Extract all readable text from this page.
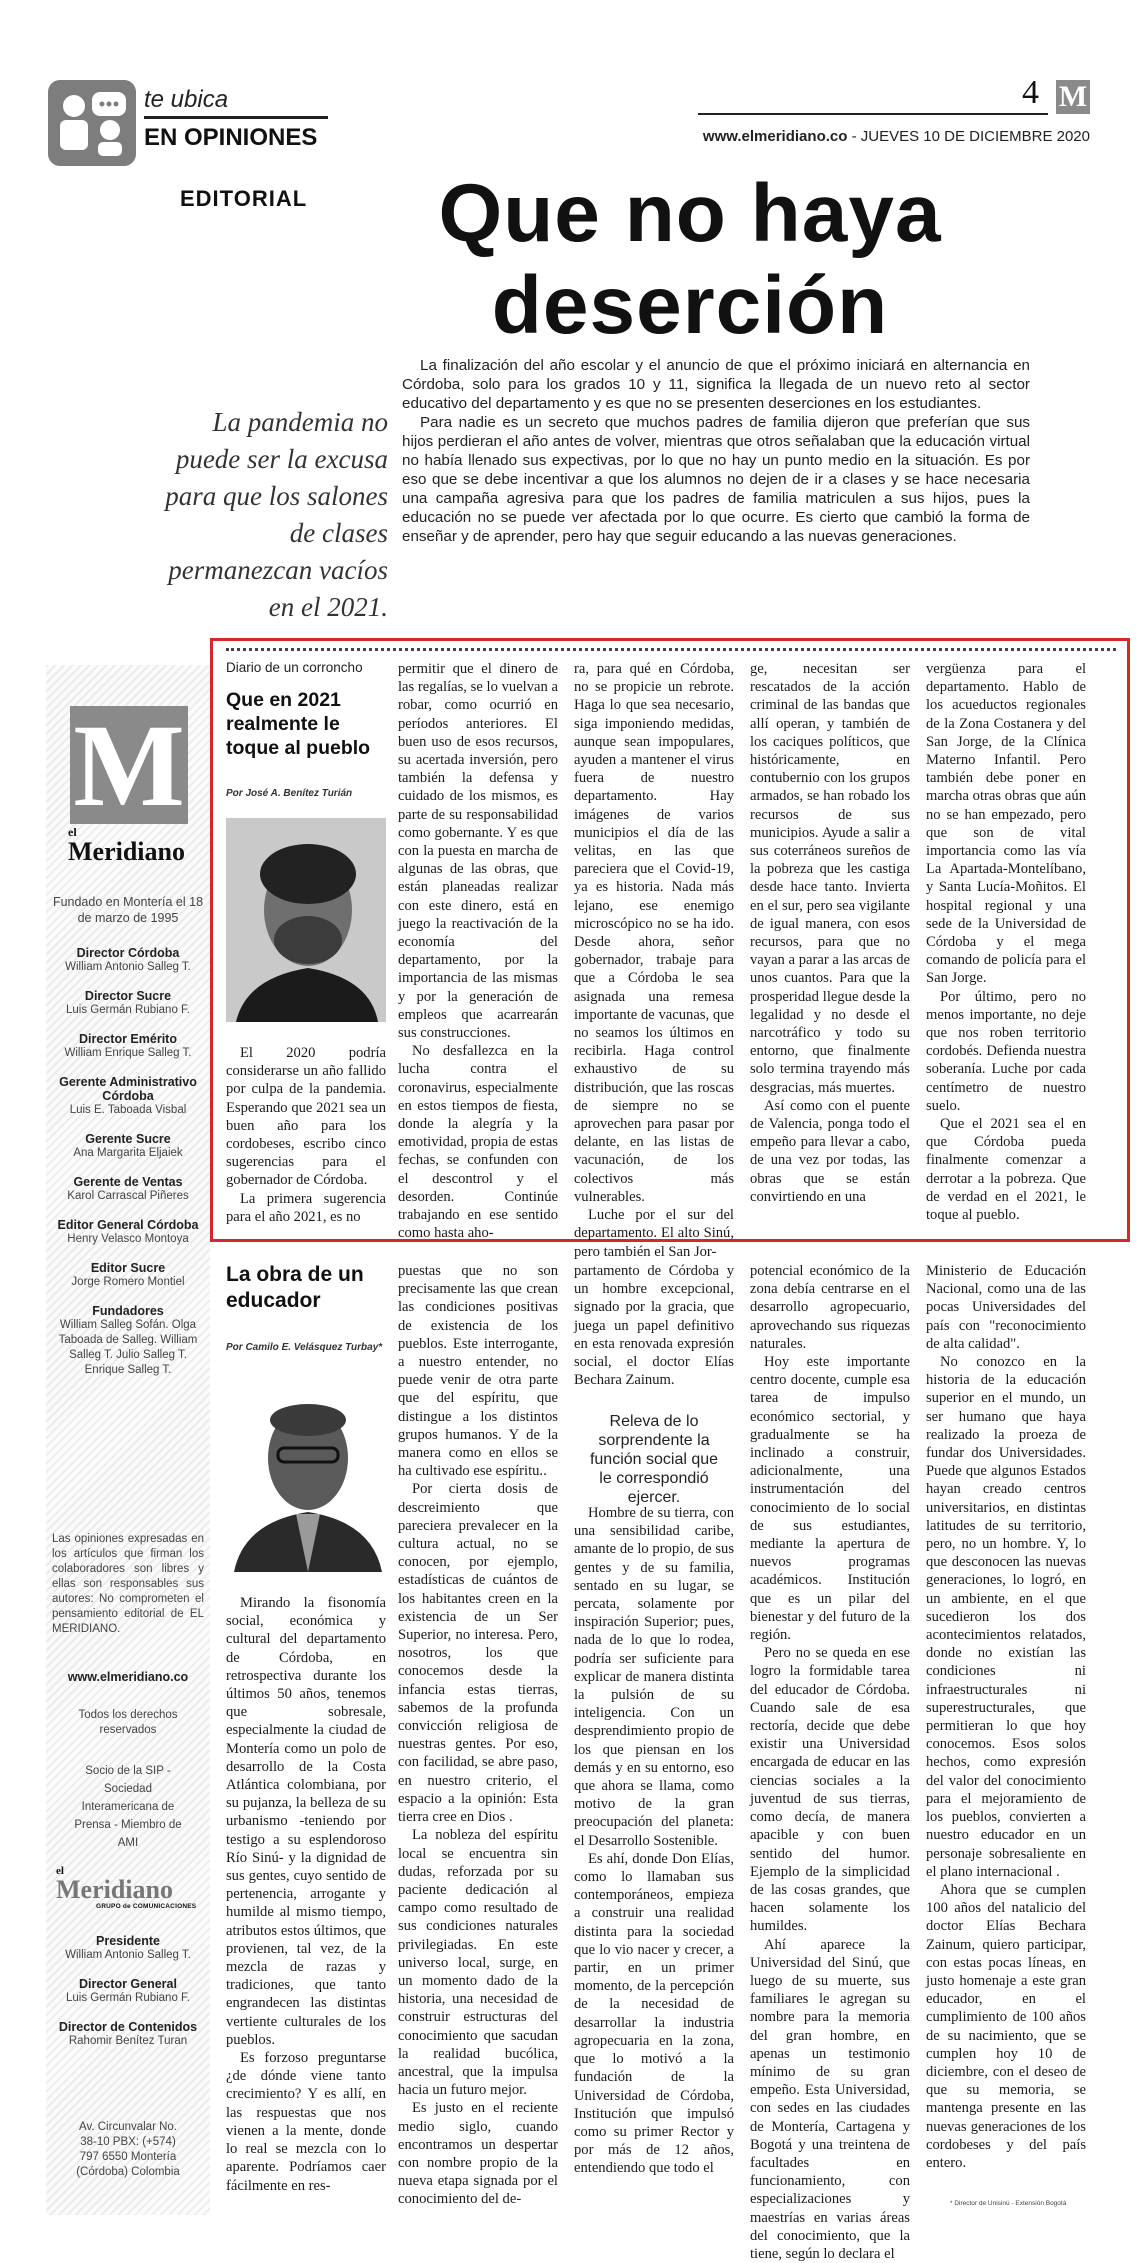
te ubica
EN OPINIONES
4 M
www.elmeridiano.co - JUEVES 10 DE DICIEMBRE 2020
EDITORIAL	Que no haya
deserción
La pandemia no puede ser la excusa para que los salones de clases permanezcan vacíos en el 2021.

La finalización del año escolar y el anuncio de que el próximo iniciará en alternancia en Córdoba, solo para los grados 10 y 11, significa la llegada de un nuevo reto al sector educativo del departamento y es que no se presenten deserciones en los estudiantes.

Para nadie es un secreto que muchos padres de familia dijeron que preferían que sus hijos perdieran el año antes de volver, mientras que otros señalaban que la educación virtual no había llenado sus expectivas, por lo que no hay un punto medio en la situación. Es por eso que se debe incentivar a que los alumnos no dejen de ir a clases y se hace necesaria una campaña agresiva para que los padres de familia matriculen a sus hijos, pues la educación no se puede ver afectada por lo que ocurre. Es cierto que cambió la forma de enseñar y de aprender, pero hay que seguir educando a las nuevas generaciones.

M
el
Meridiano
Fundado en Montería el 18 de marzo de 1995
Director Córdoba
William Antonio Salleg T.
Director Sucre
Luis Germán Rubiano F.
Director Emérito
William Enrique Salleg T.
Gerente Administrativo Córdoba
Luis E. Taboada Visbal
Gerente Sucre
Ana Margarita Eljaiek
Gerente de Ventas
Karol Carrascal Piñeres
Editor General Córdoba
Henry Velasco Montoya
Editor Sucre
Jorge Romero Montiel
Fundadores
William Salleg Sofán. Olga Taboada de Salleg. William Salleg T. Julio Salleg T. Enrique Salleg T.
Las opiniones expresadas en los artículos que firman los colaboradores son libres y ellas son responsables sus autores: No comprometen el pensamiento editorial de EL MERIDIANO.
www.elmeridiano.co
Todos los derechos reservados
Socio de la SIP - Sociedad Interamericana de Prensa - Miembro de AMI
el
Meridiano
GRUPO de COMUNICACIONES
Presidente
William Antonio Salleg T.
Director General
Luis Germán Rubiano F.
Director de Contenidos
Rahomir Benítez Turan
Av. Circunvalar No. 38-10 PBX: (+574) 797 6550 Montería (Córdoba) Colombia
Diario de un corroncho
Que en 2021 realmente le toque al pueblo
Por José A. Benítez Turián

El 2020 podría considerarse un año fallido por culpa de la pandemia. Esperando que 2021 sea un buen año para los cordobeses, escribo cinco sugerencias para el gobernador de Córdoba.

La primera sugerencia para el año 2021, es no

permitir que el dinero de las regalías, se lo vuelvan a robar, como ocurrió en períodos anteriores. El buen uso de esos recursos, su acertada inversión, pero también la defensa y cuidado de los mismos, es parte de su responsabilidad como gobernante. Y es que con la puesta en marcha de algunas de las obras, que están planeadas realizar con este dinero, está en juego la reactivación de la economía del departamento, por la importancia de las mismas y por la generación de empleos que acarrearán sus construcciones.

No desfallezca en la lucha contra el coronavirus, especialmente en estos tiempos de fiesta, donde la alegría y la emotividad, propia de estas fechas, se confunden con el descontrol y el desorden. Continúe trabajando en ese sentido como hasta aho-

ra, para qué en Córdoba, no se propicie un rebrote. Haga lo que sea necesario, siga imponiendo medidas, aunque sean impopulares, ayuden a mantener el virus fuera de nuestro departamento. Hay imágenes de varios municipios el día de las velitas, en las que pareciera que el Covid-19, ya es historia. Nada más lejano, ese enemigo microscópico no se ha ido. Desde ahora, señor gobernador, trabaje para que a Córdoba le sea asignada una remesa importante de vacunas, que no seamos los últimos en recibirla. Haga control exhaustivo de su distribución, que las roscas de siempre no se aprovechen para pasar por delante, en las listas de vacunación, de los colectivos más vulnerables.

Luche por el sur del departamento. El alto Sinú, pero también el San Jor-

ge, necesitan ser rescatados de la acción criminal de las bandas que allí operan, y también de los caciques políticos, que históricamente, en contubernio con los grupos armados, se han robado los recursos de sus municipios. Ayude a salir a sus coterráneos sureños de la pobreza que les castiga desde hace tanto. Invierta en el sur, pero sea vigilante de igual manera, con esos recursos, para que no vayan a parar a las arcas de unos cuantos. Para que la prosperidad llegue desde la legalidad y no desde el narcotráfico y todo su entorno, que finalmente solo termina trayendo más desgracias, más muertes.

Así como con el puente de Valencia, ponga todo el empeño para llevar a cabo, de una vez por todas, las obras que se están convirtiendo en una

vergüenza para el departamento. Hablo de los acueductos regionales de la Zona Costanera y del San Jorge, de la Clínica Materno Infantil. Pero también debe poner en marcha otras obras que aún no se han empezado, pero que son de vital importancia como las vía La Apartada-Montelíbano, y Santa Lucía-Moñitos. El hospital regional y una sede de la Universidad de Córdoba y el mega comando de policía para el San Jorge.

Por último, pero no menos importante, no deje que nos roben territorio cordobés. Defienda nuestra soberanía. Luche por cada centímetro de nuestro suelo.

Que el 2021 sea el en que Córdoba pueda finalmente comenzar a derrotar a la pobreza. Que de verdad en el 2021, le toque al pueblo.

La obra de un educador
Por Camilo E. Velásquez Turbay*

Mirando la fisonomía social, económica y cultural del departamento de Córdoba, en retrospectiva durante los últimos 50 años, tenemos que sobresale, especialmente la ciudad de Montería como un polo de desarrollo de la Costa Atlántica colombiana, por su pujanza, la belleza de su urbanismo -teniendo por testigo a su esplendoroso Río Sinú- y la dignidad de sus gentes, cuyo sentido de pertenencia, arrogante y humilde al mismo tiempo, atributos estos últimos, que provienen, tal vez, de la mezcla de razas y tradiciones, que tanto engrandecen las distintas vertiente culturales de los pueblos.

Es forzoso preguntarse ¿de dónde viene tanto crecimiento? Y es allí, en las respuestas que nos vienen a la mente, donde lo real se mezcla con lo aparente. Podríamos caer fácilmente en res-

puestas que no son precisamente las que crean las condiciones positivas de existencia de los pueblos. Este interrogante, a nuestro entender, no puede venir de otra parte que del espíritu, que distingue a los distintos grupos humanos. Y de la manera como en ellos se ha cultivado ese espíritu..

Por cierta dosis de descreimiento que pareciera prevalecer en la cultura actual, no se conocen, por ejemplo, estadísticas de cuántos de los habitantes creen en la existencia de un Ser Superior, no interesa. Pero, nosotros, los que conocemos desde la infancia estas tierras, sabemos de la profunda convicción religiosa de nuestras gentes. Por eso, con facilidad, se abre paso, en nuestro criterio, el espacio a la opinión: Esta tierra cree en Dios .

La nobleza del espíritu local se encuentra sin dudas, reforzada por su paciente dedicación al campo como resultado de sus condiciones naturales privilegiadas. En este universo local, surge, en un momento dado de la historia, una necesidad de construir estructuras del conocimiento que sacudan la realidad bucólica, ancestral, que la impulsa hacia un futuro mejor.

Es justo en el reciente medio siglo, cuando encontramos un despertar con nombre propio de la nueva etapa signada por el conocimiento del de-

partamento de Córdoba y un hombre excepcional, signado por la gracia, que juega un papel definitivo en esta renovada expresión social, el doctor Elías Bechara Zainum.

Releva de lo sorprendente la función social que le correspondió ejercer.

Hombre de su tierra, con una sensibilidad caribe, amante de lo propio, de sus gentes y de su familia, sentado en su lugar, se percata, solamente por inspiración Superior; pues, nada de lo que lo rodea, podría ser suficiente para explicar de manera distinta la pulsión de su inteligencia. Con un desprendimiento propio de los que piensan en los demás y en su entorno, eso que ahora se llama, como motivo de la gran preocupación del planeta: el Desarrollo Sostenible.

Es ahí, donde Don Elías, como lo llamaban sus contemporáneos, empieza a construir una realidad distinta para la sociedad que lo vio nacer y crecer, a partir, en un primer momento, de la percepción de la necesidad de desarrollar la industria agropecuaria en la zona, que lo motivó a la fundación de la Universidad de Córdoba, Institución que impulsó como su primer Rector y por más de 12 años, entendiendo que todo el

potencial económico de la zona debía centrarse en el desarrollo agropecuario, aprovechando sus riquezas naturales.

Hoy este importante centro docente, cumple esa tarea de impulso económico sectorial, y gradualmente se ha inclinado a construir, adicionalmente, una instrumentación del conocimiento de lo social de sus estudiantes, mediante la apertura de nuevos programas académicos. Institución que es un pilar del bienestar y del futuro de la región.

Pero no se queda en ese logro la formidable tarea del educador de Córdoba. Cuando sale de esa rectoría, decide que debe existir una Universidad encargada de educar en las ciencias sociales a la juventud de sus tierras, como decía, de manera apacible y con buen sentido del humor. Ejemplo de la simplicidad de las cosas grandes, que hacen solamente los humildes.

Ahí aparece la Universidad del Sinú, que luego de su muerte, sus familiares le agregan su nombre para la memoria del gran hombre, en apenas un testimonio mínimo de su gran empeño. Esta Universidad, con sedes en las ciudades de Montería, Cartagena y Bogotá y una treintena de facultades en funcionamiento, con especializaciones y maestrías en varias áreas del conocimiento, que la tiene, según lo declara el

Ministerio de Educación Nacional, como una de las pocas Universidades del país con "reconocimiento de alta calidad".

No conozco en la historia de la educación superior en el mundo, un ser humano que haya realizado la proeza de fundar dos Universidades. Puede que algunos Estados hayan creado centros universitarios, en distintas latitudes de su territorio, pero, no un hombre. Y, lo que desconocen las nuevas generaciones, lo logró, en un ambiente, en el que sucedieron los dos acontecimientos relatados, donde no existían las condiciones ni infraestructurales ni superestructurales, que permitieran lo que hoy conocemos. Esos solos hechos, como expresión del valor del conocimiento para el mejoramiento de los pueblos, convierten a nuestro educador en un personaje sobresaliente en el plano internacional .

Ahora que se cumplen 100 años del natalicio del doctor Elías Bechara Zainum, quiero participar, con estas pocas líneas, en justo homenaje a este gran educador, en el cumplimiento de 100 años de su nacimiento, que se cumplen hoy 10 de diciembre, con el deseo de que su memoria, se mantenga presente en las nuevas generaciones de los cordobeses y del país entero.

* Director de Unisinú - Extensión Bogotá
